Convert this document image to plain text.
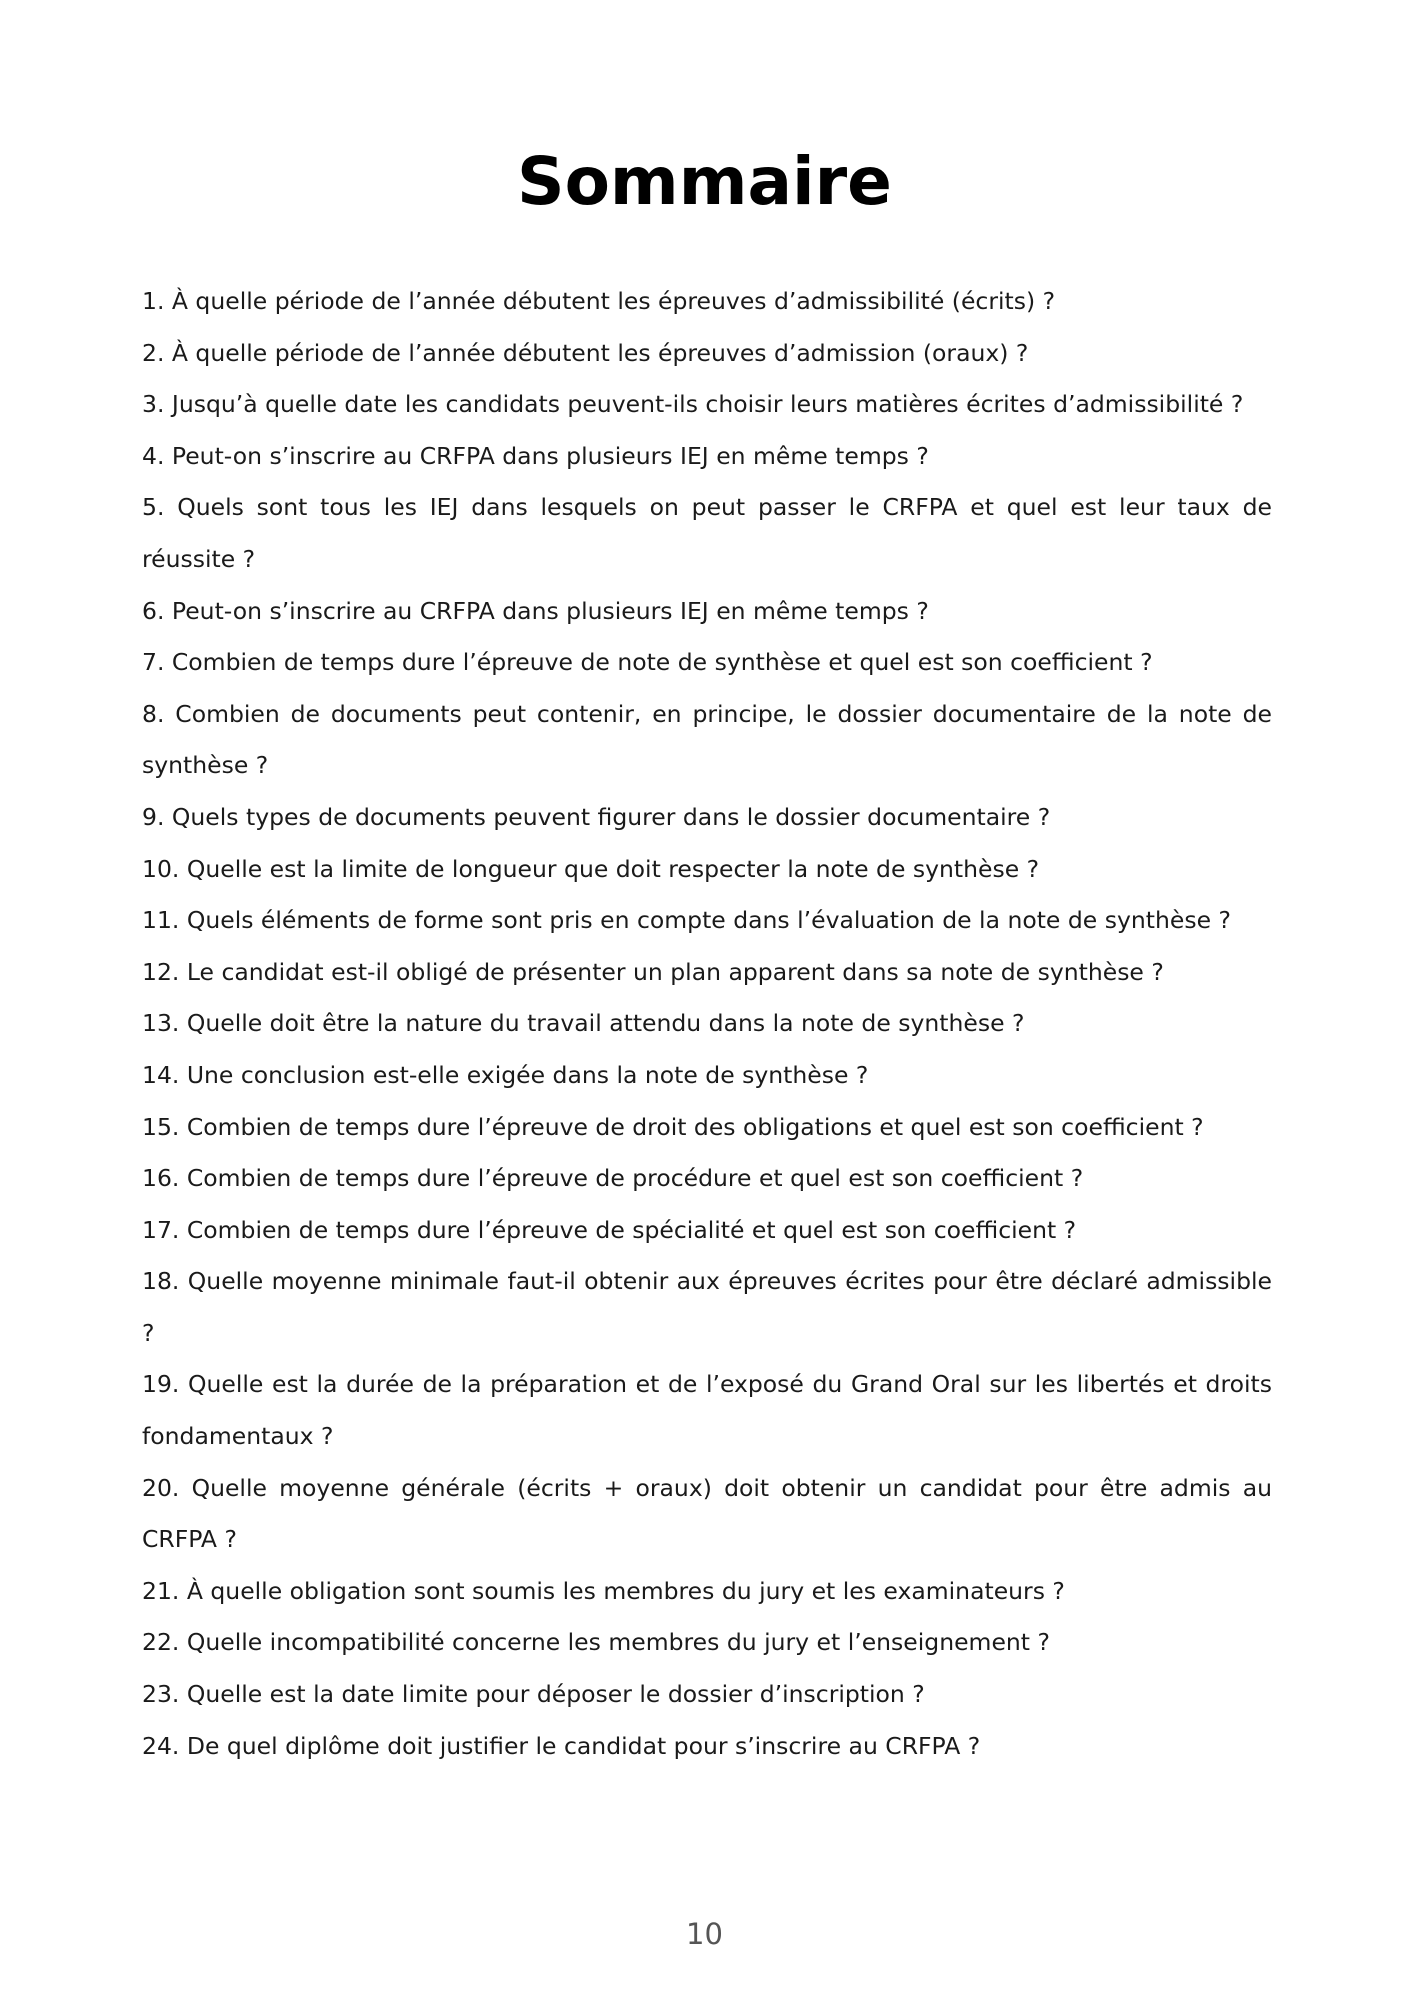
Sommaire
1. À quelle période de l’année débutent les épreuves d’admissibilité (écrits) ?
2. À quelle période de l’année débutent les épreuves d’admission (oraux) ?
3. Jusqu’à quelle date les candidats peuvent-ils choisir leurs matières écrites d’admissibilité ?
4. Peut-on s’inscrire au CRFPA dans plusieurs IEJ en même temps ?
5. Quels sont tous les IEJ dans lesquels on peut passer le CRFPA et quel est leur taux de réussite ?
6. Peut-on s’inscrire au CRFPA dans plusieurs IEJ en même temps ?
7. Combien de temps dure l’épreuve de note de synthèse et quel est son coefficient ?
8. Combien de documents peut contenir, en principe, le dossier documentaire de la note de synthèse ?
9. Quels types de documents peuvent figurer dans le dossier documentaire ?
10. Quelle est la limite de longueur que doit respecter la note de synthèse ?
11. Quels éléments de forme sont pris en compte dans l’évaluation de la note de synthèse ?
12. Le candidat est-il obligé de présenter un plan apparent dans sa note de synthèse ?
13. Quelle doit être la nature du travail attendu dans la note de synthèse ?
14. Une conclusion est-elle exigée dans la note de synthèse ?
15. Combien de temps dure l’épreuve de droit des obligations et quel est son coefficient ?
16. Combien de temps dure l’épreuve de procédure et quel est son coefficient ?
17. Combien de temps dure l’épreuve de spécialité et quel est son coefficient ?
18. Quelle moyenne minimale faut-il obtenir aux épreuves écrites pour être déclaré admissible ?
19. Quelle est la durée de la préparation et de l’exposé du Grand Oral sur les libertés et droits fondamentaux ?
20. Quelle moyenne générale (écrits + oraux) doit obtenir un candidat pour être admis au CRFPA ?
21. À quelle obligation sont soumis les membres du jury et les examinateurs ?
22. Quelle incompatibilité concerne les membres du jury et l’enseignement ?
23. Quelle est la date limite pour déposer le dossier d’inscription ?
24. De quel diplôme doit justifier le candidat pour s’inscrire au CRFPA ?
10
